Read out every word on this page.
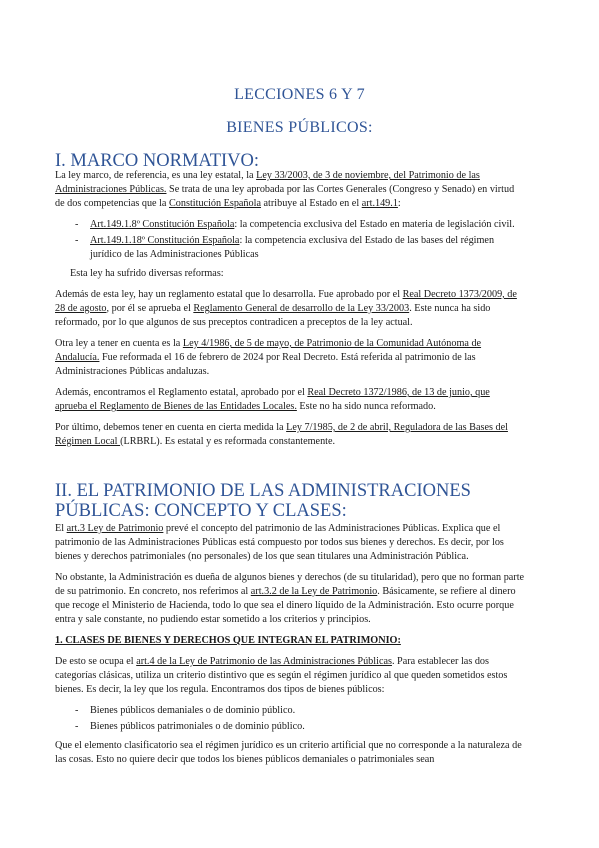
LECCIONES 6 Y 7
BIENES PÚBLICOS:
I. MARCO NORMATIVO:

La ley marco, de referencia, es una ley estatal, la Ley 33/2003, de 3 de noviembre, del Patrimonio de las Administraciones Públicas. Se trata de una ley aprobada por las Cortes Generales (Congreso y Senado) en virtud de dos competencias que la Constitución Española atribuye al Estado en el art.149.1:

- Art.149.1.8º Constitución Española: la competencia exclusiva del Estado en materia de legislación civil.
- Art.149.1.18º Constitución Española: la competencia exclusiva del Estado de las bases del régimen jurídico de las Administraciones Públicas

Esta ley ha sufrido diversas reformas:

Además de esta ley, hay un reglamento estatal que lo desarrolla. Fue aprobado por el Real Decreto 1373/2009, de 28 de agosto, por él se aprueba el Reglamento General de desarrollo de la Ley 33/2003. Este nunca ha sido reformado, por lo que algunos de sus preceptos contradicen a preceptos de la ley actual.

Otra ley a tener en cuenta es la Ley 4/1986, de 5 de mayo, de Patrimonio de la Comunidad Autónoma de Andalucía. Fue reformada el 16 de febrero de 2024 por Real Decreto. Está referida al patrimonio de las Administraciones Públicas andaluzas.

Además, encontramos el Reglamento estatal, aprobado por el Real Decreto 1372/1986, de 13 de junio, que aprueba el Reglamento de Bienes de las Entidades Locales. Este no ha sido nunca reformado.

Por último, debemos tener en cuenta en cierta medida la Ley 7/1985, de 2 de abril, Reguladora de las Bases del Régimen Local (LRBRL). Es estatal y es reformada constantemente.

II. EL PATRIMONIO DE LAS ADMINISTRACIONES PÚBLICAS: CONCEPTO Y CLASES:

El art.3 Ley de Patrimonio prevé el concepto del patrimonio de las Administraciones Públicas. Explica que el patrimonio de las Administraciones Públicas está compuesto por todos sus bienes y derechos. Es decir, por los bienes y derechos patrimoniales (no personales) de los que sean titulares una Administración Pública.

No obstante, la Administración es dueña de algunos bienes y derechos (de su titularidad), pero que no forman parte de su patrimonio. En concreto, nos referimos al art.3.2 de la Ley de Patrimonio. Básicamente, se refiere al dinero que recoge el Ministerio de Hacienda, todo lo que sea el dinero líquido de la Administración. Esto ocurre porque entra y sale constante, no pudiendo estar sometido a los criterios y principios.

1. CLASES DE BIENES Y DERECHOS QUE INTEGRAN EL PATRIMONIO:

De esto se ocupa el art.4 de la Ley de Patrimonio de las Administraciones Públicas. Para establecer las dos categorías clásicas, utiliza un criterio distintivo que es según el régimen jurídico al que queden sometidos estos bienes. Es decir, la ley que los regula. Encontramos dos tipos de bienes públicos:

- Bienes públicos demaniales o de dominio público.
- Bienes públicos patrimoniales o de dominio público.

Que el elemento clasificatorio sea el régimen jurídico es un criterio artificial que no corresponde a la naturaleza de las cosas. Esto no quiere decir que todos los bienes públicos demaniales o patrimoniales sean
